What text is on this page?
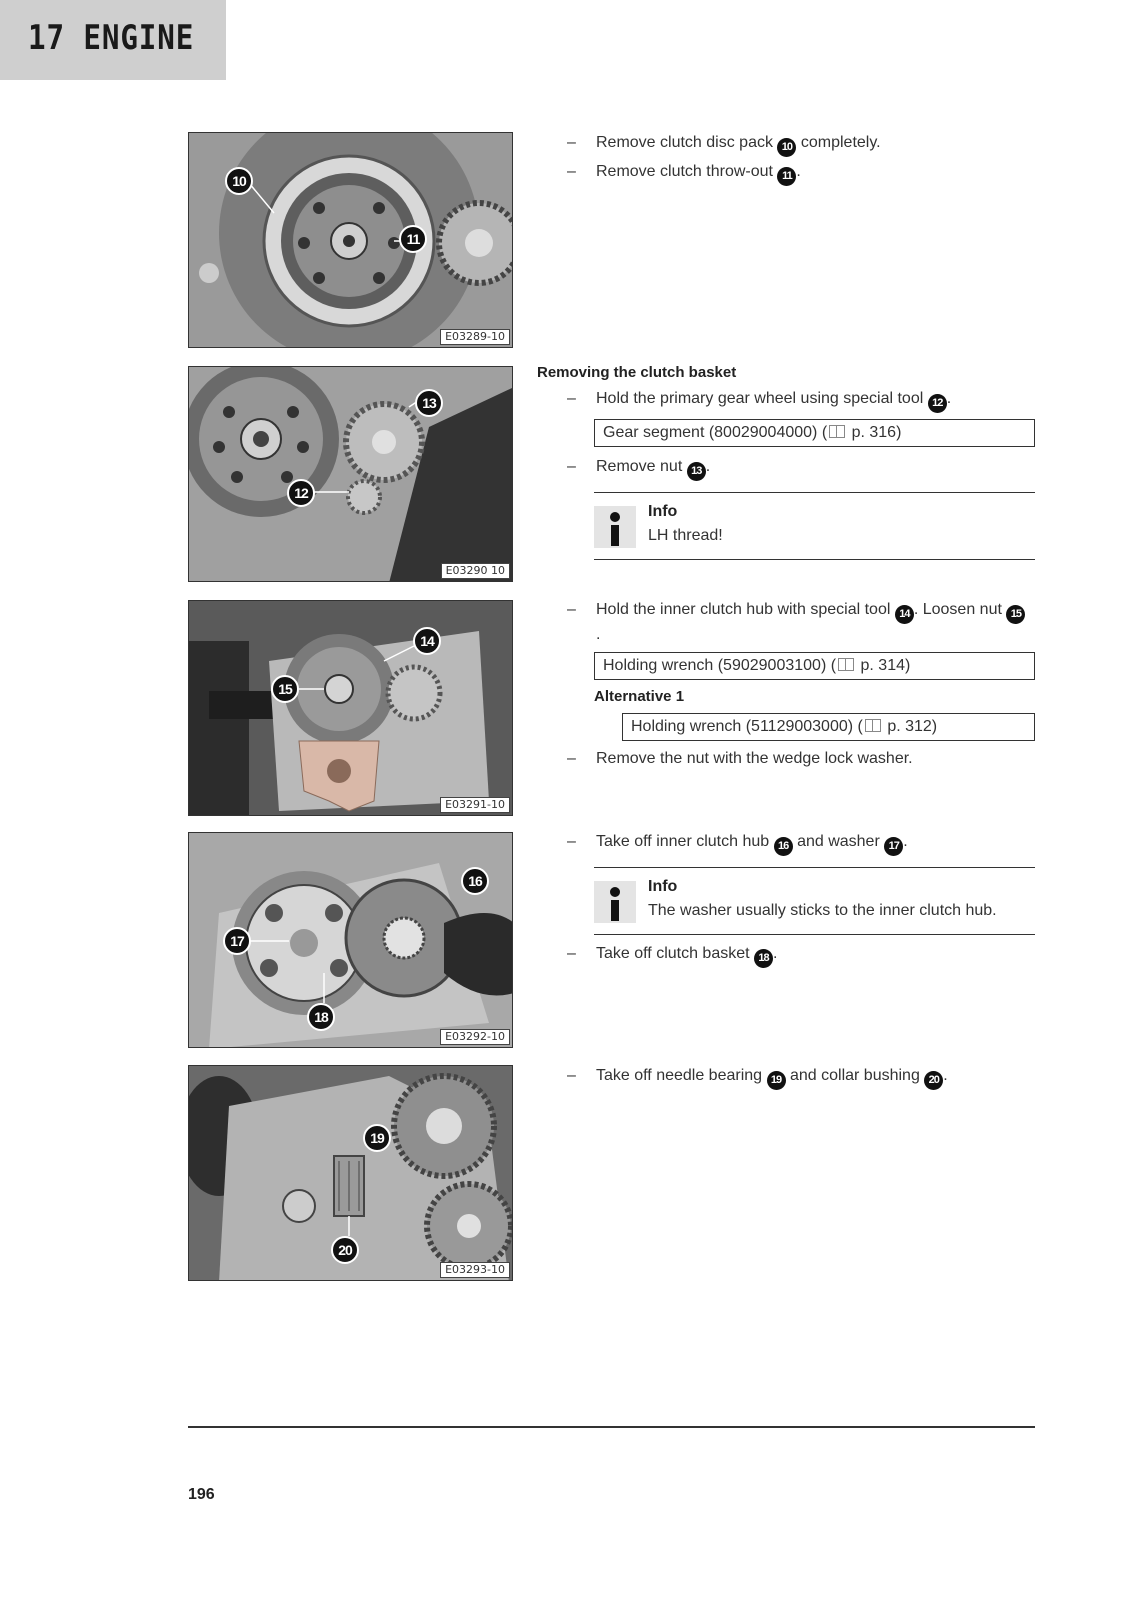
17 ENGINE
10
11
E03289-10
13
12
E03290 10
14
15
E03291-10
16
17
18
E03292-10
19
20
E03293-10
– Remove clutch disc pack 10 completely.
– Remove clutch throw-out 11 .
Removing the clutch basket
– Hold the primary gear wheel using special tool 12 .
Gear segment (80029004000) ( p. 316)
– Remove nut 13 .
Info
LH thread!
– Hold the inner clutch hub with special tool 14 . Loosen nut 15.
Holding wrench (59029003100) ( p. 314)
Alternative 1
Holding wrench (51129003000) ( p. 312)
– Remove the nut with the wedge lock washer.
– Take off inner clutch hub 16 and washer 17 .
Info
The washer usually sticks to the inner clutch hub.
– Take off clutch basket 18 .
– Take off needle bearing 19 and collar bushing 20 .
196
